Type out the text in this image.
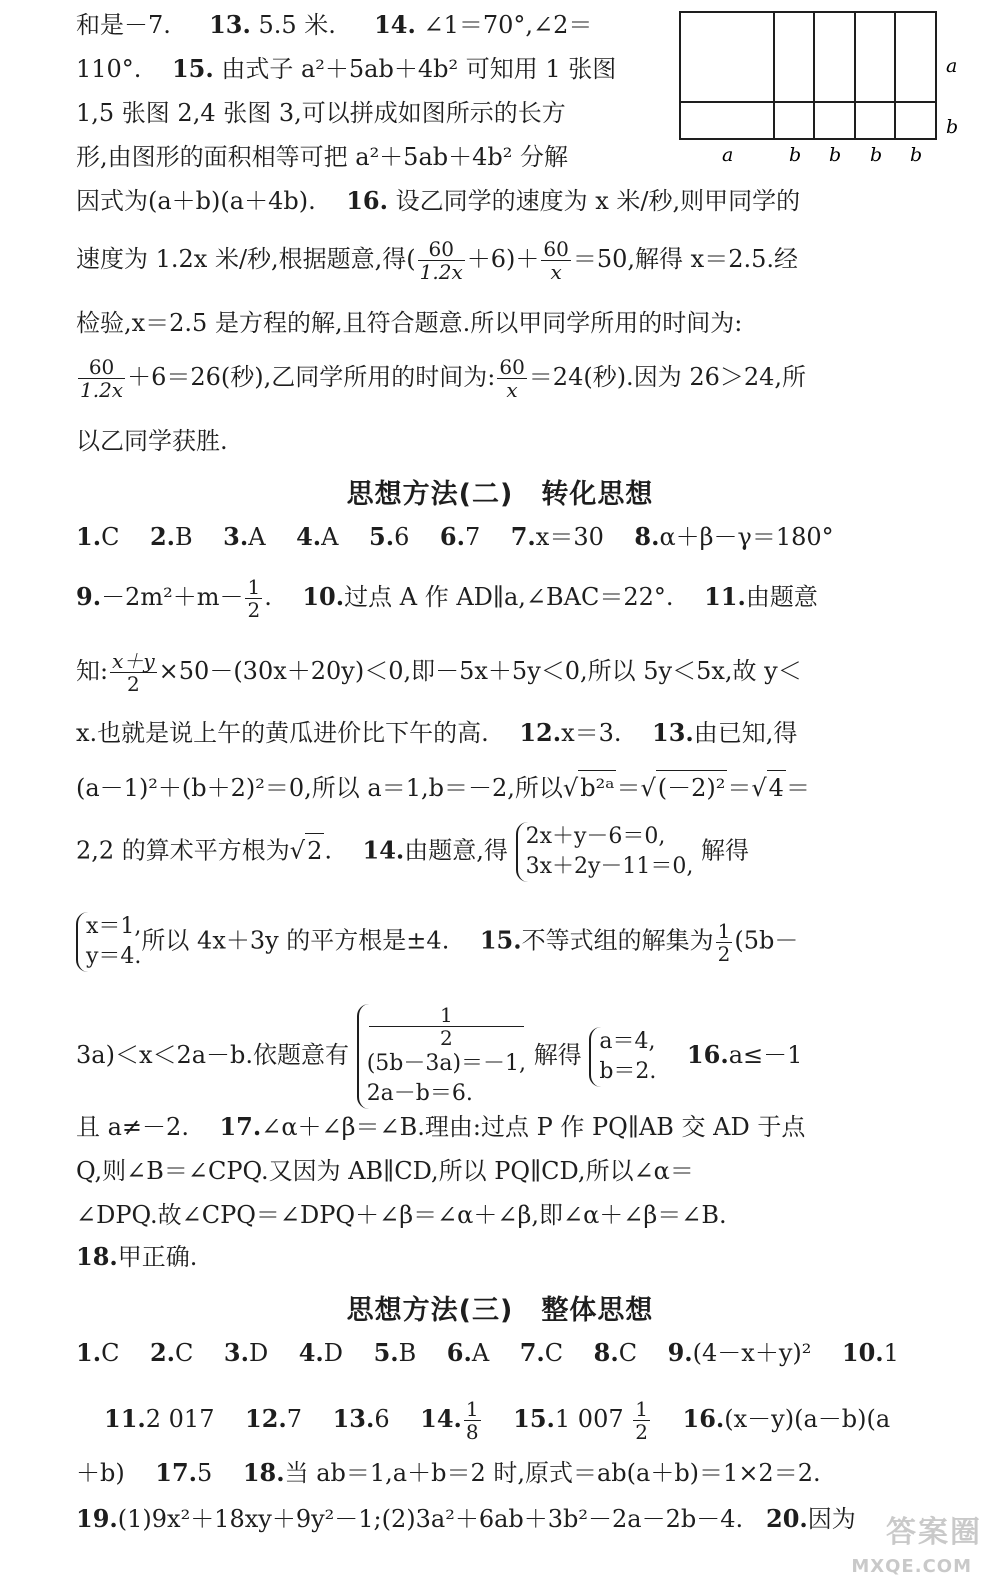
a
b
a	b b b b
和是－7. 13. 5.5 米. 14. ∠1＝70°,∠2＝
110°. 15. 由式子 a²＋5ab＋4b² 可知用 1 张图
1,5 张图 2,4 张图 3,可以拼成如图所示的长方
形,由图形的面积相等可把 a²＋5ab＋4b² 分解
因式为(a＋b)(a＋4b). 16. 设乙同学的速度为 x 米/秒,则甲同学的
速度为 1.2x 米/秒,根据题意,得( $\frac{60}{1.2x} +6)+ \frac{60}{x} =50$,解得 x＝2.5.经
检验,x＝2.5 是方程的解,且符合题意.所以甲同学所用的时间为:
$\frac{60}{1.2x} +6=26$(秒),乙同学所用的时间为: $\frac{60}{x} =24$(秒).因为 26＞24,所
以乙同学获胜.
思想方法(二)　转化思想
1.C 2.B 3.A 4.A 5.6 6.7 7.x＝30 8.α＋β－γ＝180°
$9.-2m^2+m- \frac{1}{2}$ .    10.过点 A 作 AD∥a,∠BAC＝22°. 11.由题意
知: $\frac{x+y}{2} \times 50-(30x+20y)<0$,即－5x＋5y＜0,所以 5y＜5x,故 y＜
x.也就是说上午的黄瓜进价比下午的高. 12.x＝3. 13.由已知,得
(a－1)²＋(b＋2)²＝0,所以 a＝1,b＝－2,所以√b²ᵃ＝√(－2)²＝√4＝
2,2 的算术平方根为√2. 14.由题意,得 2x＋y－6＝0,
3x＋2y－11＝0,
解得
x＝1,
y＝4.
所以 4x＋3y 的平方根是±4. 15.不等式组的解集为 $\frac{1}{2} (5b-$
3a)＜x＜2a－b.依题意有
1
2
(5b－3a)＝－1,
2a－b＝6.
解得 a＝4,
b＝2.
16.a≤－1
且 a≠－2. 17.∠α＋∠β＝∠B.理由:过点 P 作 PQ∥AB 交 AD 于点
Q,则∠B＝∠CPQ.又因为 AB∥CD,所以 PQ∥CD,所以∠α＝
∠DPQ.故∠CPQ＝∠DPQ＋∠β＝∠α＋∠β,即∠α＋∠β＝∠B.
18.甲正确.
思想方法(三)　整体思想
1.C 2.C 3.D 4.D 5.B 6.A 7.C 8.C 9.(4－x＋y)² 10.1
11.2 017 12.7 13.6 14. $\frac{1}{8} 15.1$ $007 \frac{1}{2} 16.(x-y)(a-b)(a$
＋b) 17.5 18.当 ab＝1,a＋b＝2 时,原式＝ab(a＋b)＝1×2＝2.
19.(1)9x²＋18xy＋9y²－1;(2)3a²＋6ab＋3b²－2a－2b－4. 20.因为 答案圈
MXQE.COM
